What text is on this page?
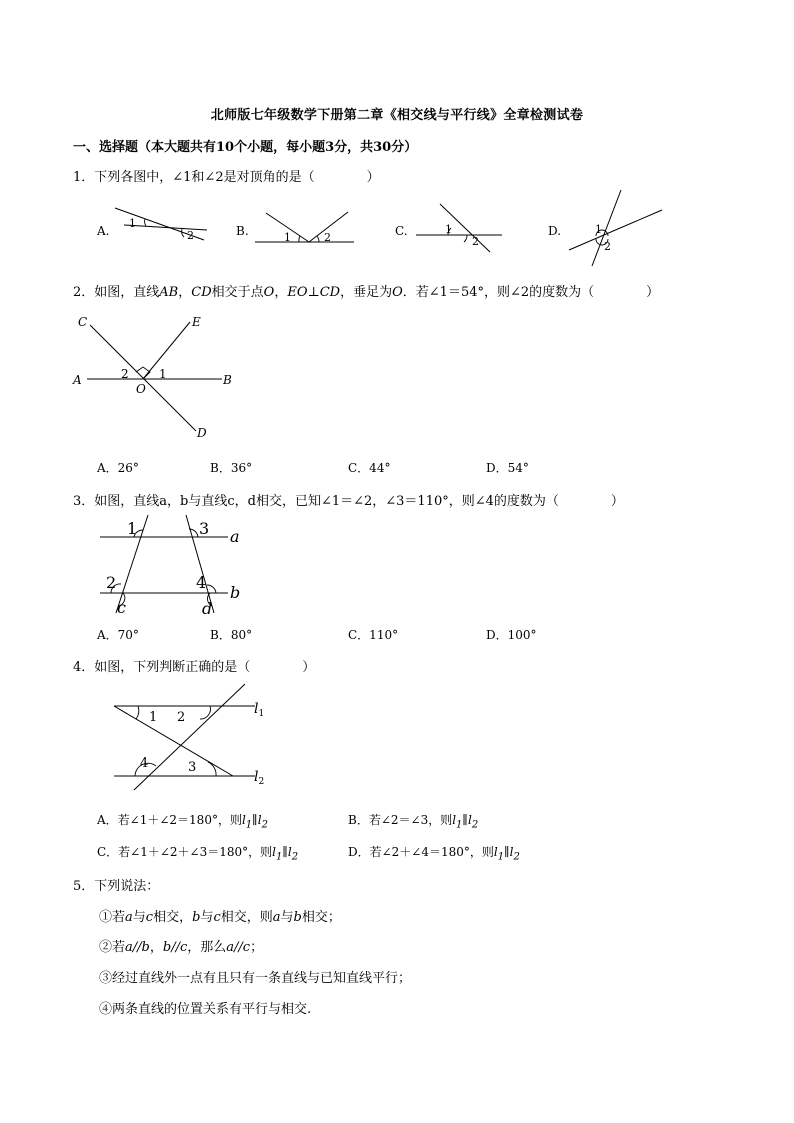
北师版七年级数学下册第二章《相交线与平行线》全章检测试卷
一、选择题（本大题共有10个小题，每小题3分，共30分）
1．下列各图中，∠1和∠2是对顶角的是（　　　　）
A.
1
2	B.	1	2	C.	1
2
D.	1
2
2．如图，直线AB，CD相交于点O，EO⊥CD，垂足为O．若∠1＝54°，则∠2的度数为（　　　　）
C	E
A	B
O
D
2	1
A．26°	B．36°	C．44°	D．54°
3．如图，直线a，b与直线c，d相交，已知∠1＝∠2，∠3＝110°，则∠4的度数为（　　　　）
1	3
2	4
a
b
c	d
A．70°	B．80°	C．110°	D．100°
4．如图，下列判断正确的是（　　　　）
1 2
4	3
$l_1$
$l_2$
A．若∠1＋∠2＝180°，则$l_1\parallel l_2$	B．若∠2＝∠3，则$l_1\parallel l_2$
C．若∠1＋∠2＋∠3＝180°，则$l_1\parallel l_2$	D．若∠2＋∠4＝180°，则$l_1\parallel l_2$
5．下列说法：
①若a与c相交，b与c相交，则a与b相交；
②若a//b，b//c，那么a//c；
③经过直线外一点有且只有一条直线与已知直线平行；
④两条直线的位置关系有平行与相交.
